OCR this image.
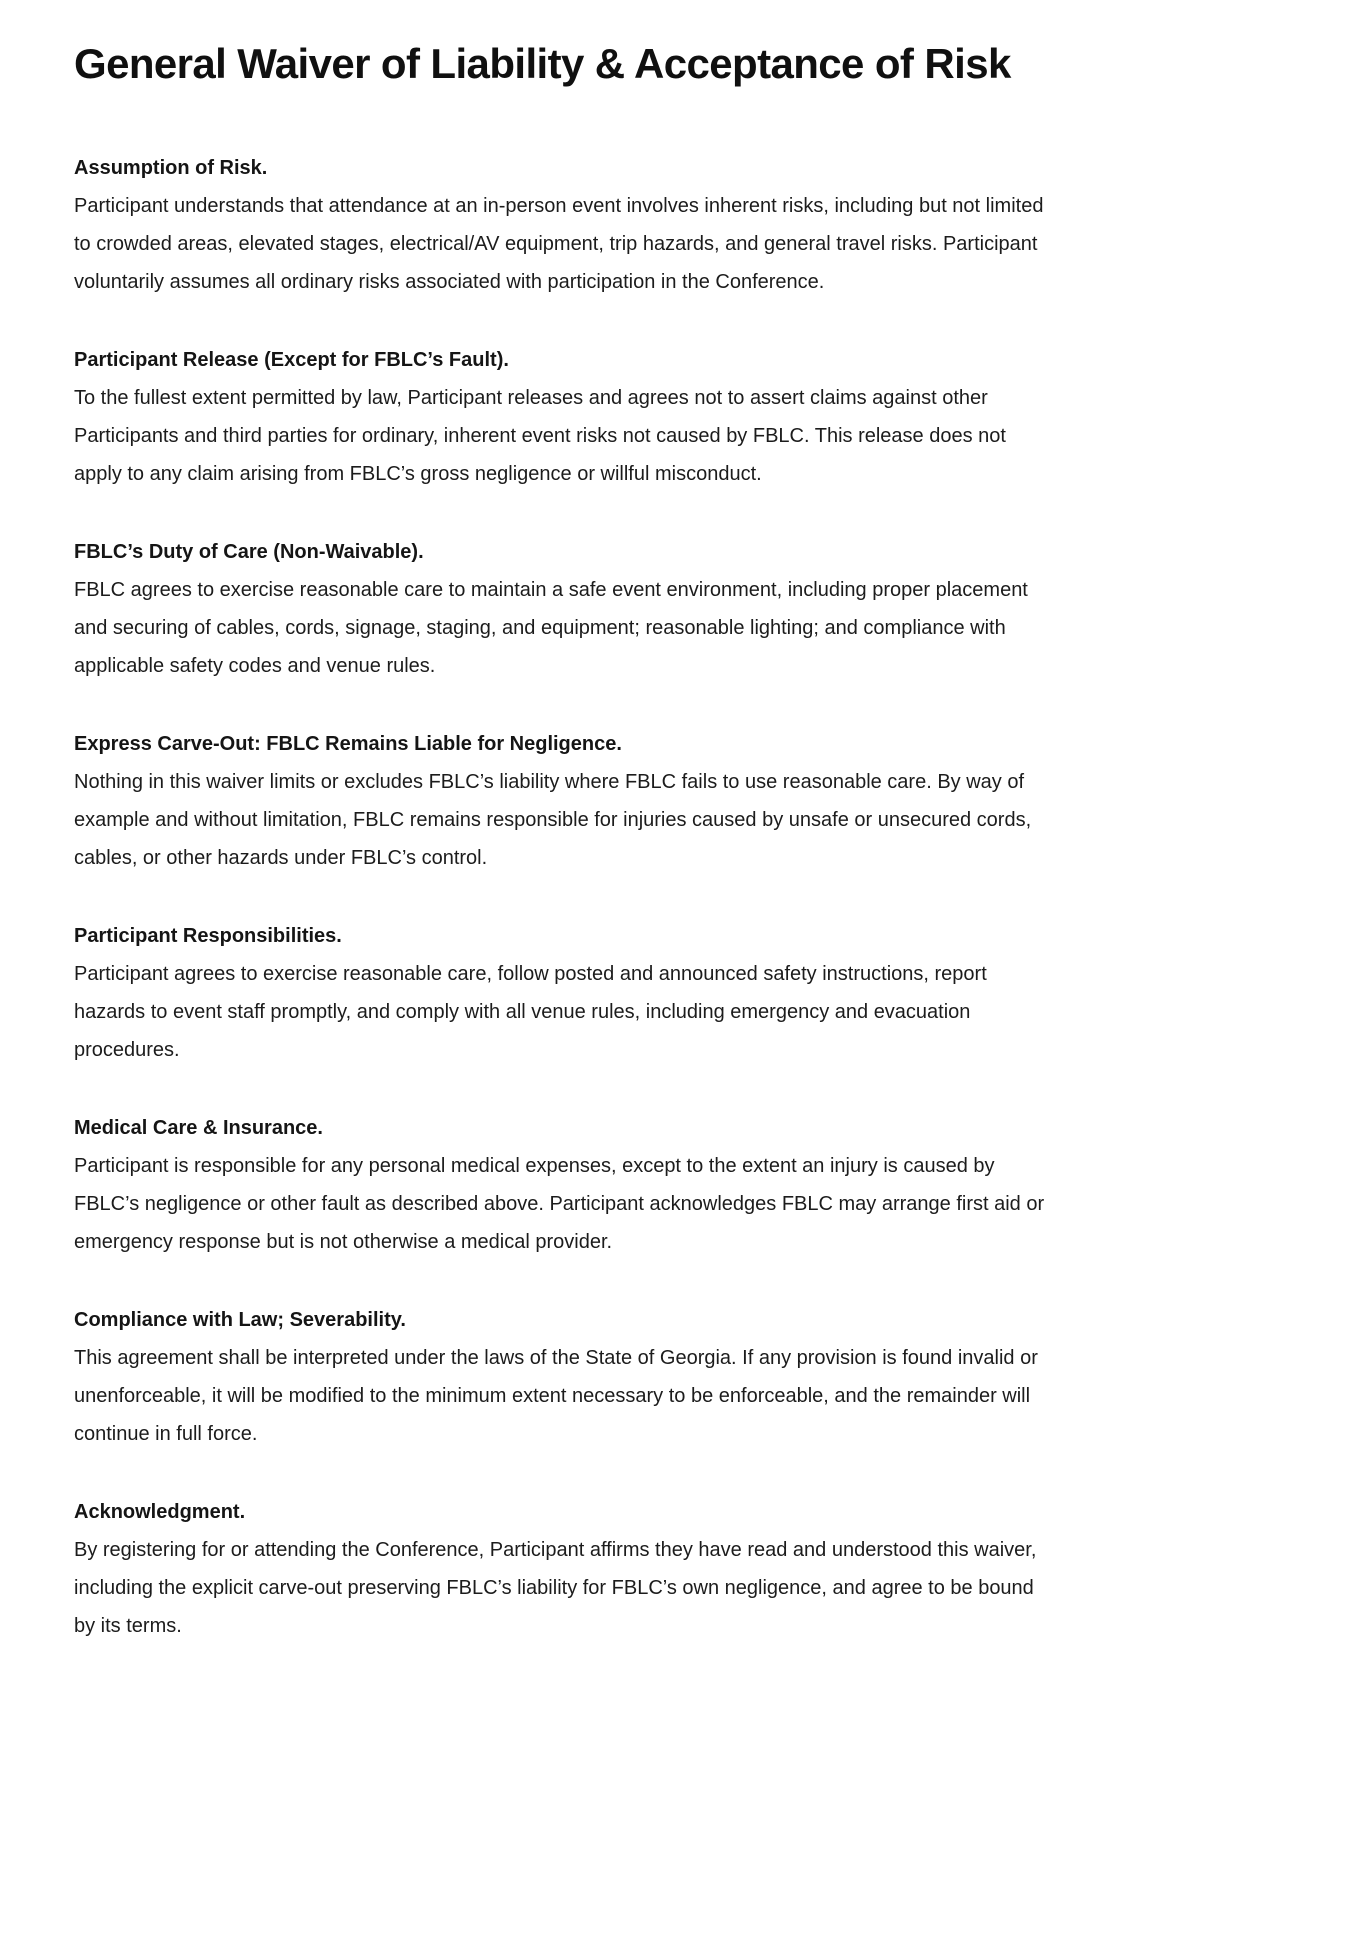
General Waiver of Liability & Acceptance of Risk
Assumption of Risk.

Participant understands that attendance at an in-person event involves inherent risks, including but not limited to crowded areas, elevated stages, electrical/AV equipment, trip hazards, and general travel risks. Participant voluntarily assumes all ordinary risks associated with participation in the Conference.

Participant Release (Except for FBLC’s Fault).

To the fullest extent permitted by law, Participant releases and agrees not to assert claims against other Participants and third parties for ordinary, inherent event risks not caused by FBLC. This release does not apply to any claim arising from FBLC’s gross negligence or willful misconduct.

FBLC’s Duty of Care (Non-Waivable).

FBLC agrees to exercise reasonable care to maintain a safe event environment, including proper placement and securing of cables, cords, signage, staging, and equipment; reasonable lighting; and compliance with applicable safety codes and venue rules.

Express Carve-Out: FBLC Remains Liable for Negligence.

Nothing in this waiver limits or excludes FBLC’s liability where FBLC fails to use reasonable care. By way of example and without limitation, FBLC remains responsible for injuries caused by unsafe or unsecured cords, cables, or other hazards under FBLC’s control.

Participant Responsibilities.

Participant agrees to exercise reasonable care, follow posted and announced safety instructions, report hazards to event staff promptly, and comply with all venue rules, including emergency and evacuation procedures.

Medical Care & Insurance.

Participant is responsible for any personal medical expenses, except to the extent an injury is caused by FBLC’s negligence or other fault as described above. Participant acknowledges FBLC may arrange first aid or emergency response but is not otherwise a medical provider.

Compliance with Law; Severability.

This agreement shall be interpreted under the laws of the State of Georgia. If any provision is found invalid or unenforceable, it will be modified to the minimum extent necessary to be enforceable, and the remainder will continue in full force.

Acknowledgment.

By registering for or attending the Conference, Participant affirms they have read and understood this waiver, including the explicit carve-out preserving FBLC’s liability for FBLC’s own negligence, and agree to be bound by its terms.
